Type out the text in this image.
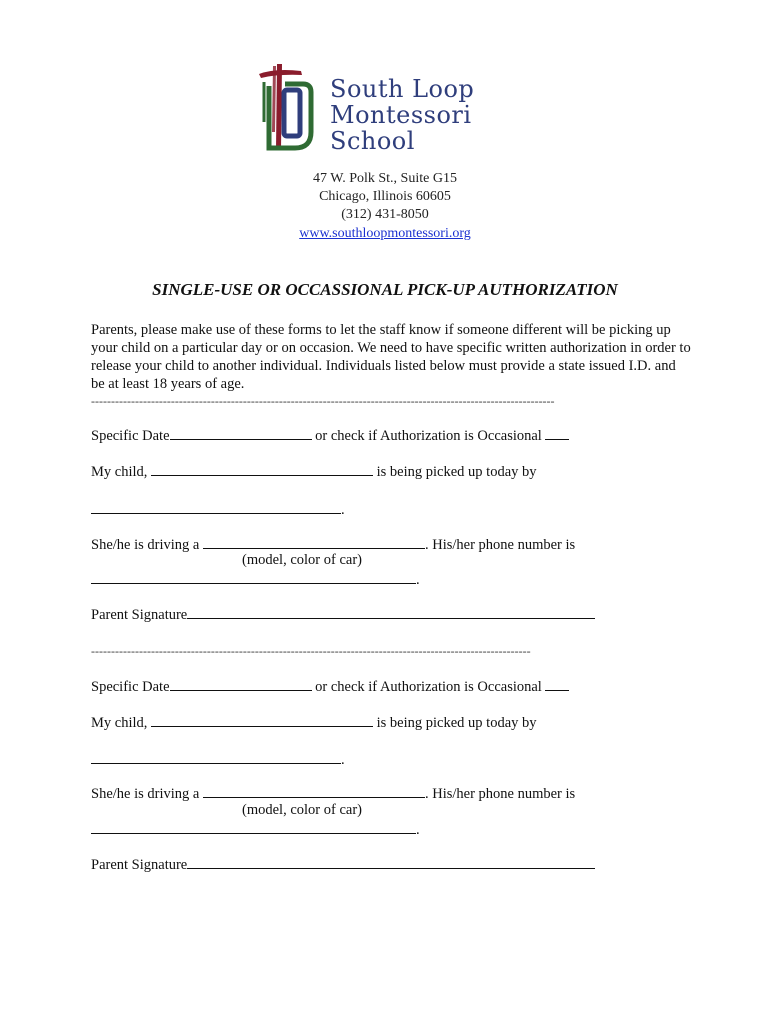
South Loop
Montessori
School
47 W. Polk St., Suite G15
Chicago, Illinois 60605
(312) 431-8050
www.southloopmontessori.org
SINGLE-USE OR OCCASSIONAL PICK-UP AUTHORIZATION
Parents, please make use of these forms to let the staff know if someone different will be picking up your child on a particular day or on occasion. We need to have specific written authorization in order to release your child to another individual. Individuals listed below must provide a state issued I.D. and be at least 18 years of age.
--------------------------------------------------------------------------------------------------------------------
Specific Date	or check if Authorization is Occasional
My child,	is being picked up today by
.
She/he is driving a	. His/her phone number is
(model, color of car)
.
Parent Signature
--------------------------------------------------------------------------------------------------------------
Specific Date	or check if Authorization is Occasional
My child,	is being picked up today by
.
She/he is driving a	. His/her phone number is
(model, color of car)
.
Parent Signature
